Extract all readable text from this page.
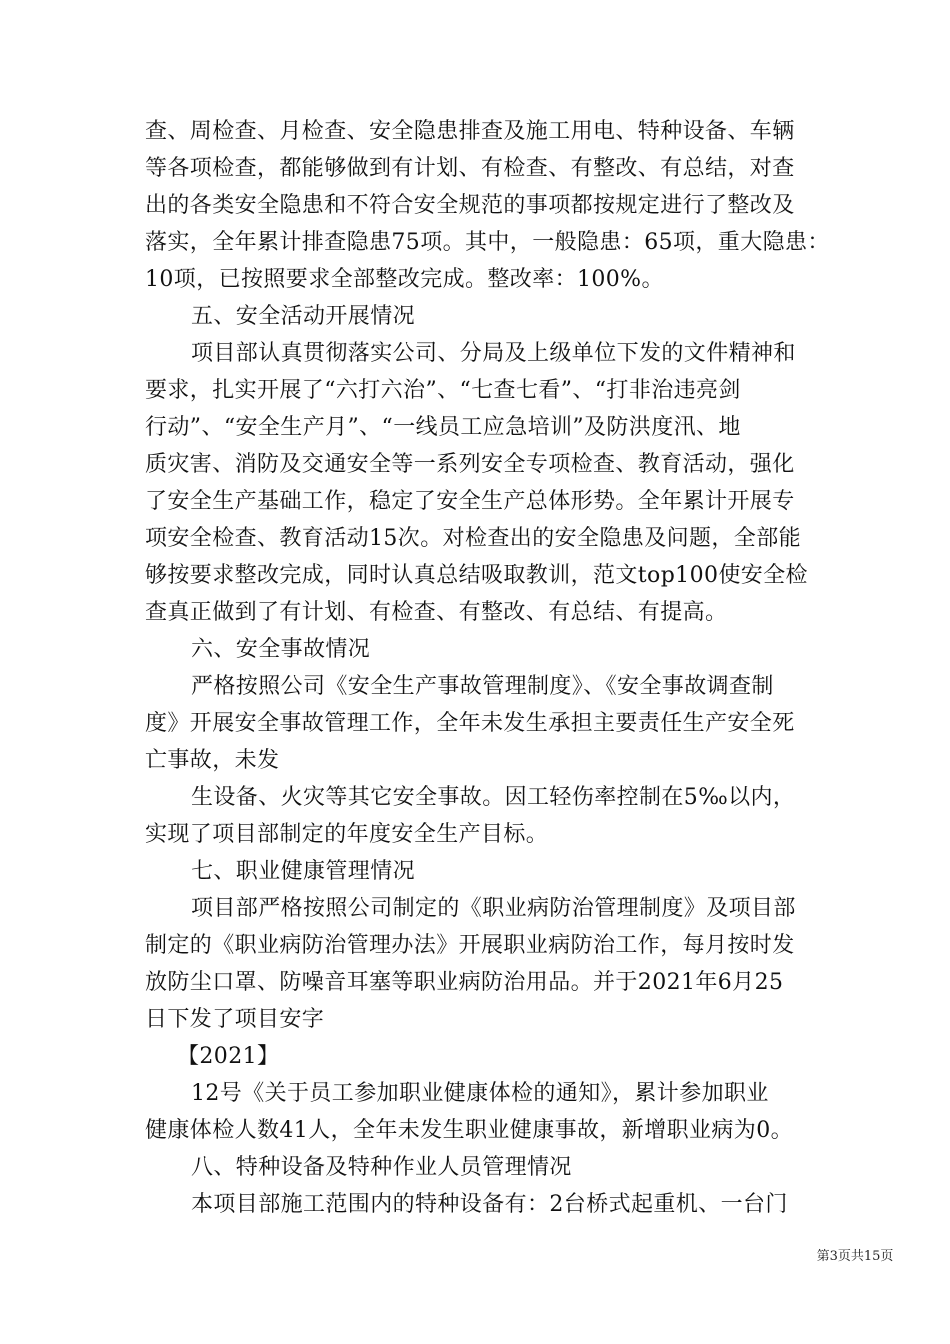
查、周检查、月检查、安全隐患排查及施工用电、特种设备、车辆
等各项检查，都能够做到有计划、有检查、有整改、有总结，对查
出的各类安全隐患和不符合安全规范的事项都按规定进行了整改及
落实，全年累计排查隐患75项。其中，一般隐患：65项，重大隐患：
10项，已按照要求全部整改完成。整改率：100%。
五、安全活动开展情况
项目部认真贯彻落实公司、分局及上级单位下发的文件精神和
要求，扎实开展了“六打六治”、“七查七看”、“打非治违亮剑
行动”、“安全生产月”、“一线员工应急培训”及防洪度汛、地
质灾害、消防及交通安全等一系列安全专项检查、教育活动，强化
了安全生产基础工作，稳定了安全生产总体形势。全年累计开展专
项安全检查、教育活动15次。对检查出的安全隐患及问题，全部能
够按要求整改完成，同时认真总结吸取教训，范文top100使安全检
查真正做到了有计划、有检查、有整改、有总结、有提高。
六、安全事故情况
严格按照公司《安全生产事故管理制度》、《安全事故调查制
度》开展安全事故管理工作，全年未发生承担主要责任生产安全死
亡事故，未发
生设备、火灾等其它安全事故。因工轻伤率控制在5‰以内，
实现了项目部制定的年度安全生产目标。
七、职业健康管理情况
项目部严格按照公司制定的《职业病防治管理制度》及项目部
制定的《职业病防治管理办法》开展职业病防治工作，每月按时发
放防尘口罩、防噪音耳塞等职业病防治用品。并于2021年6月25
日下发了项目安字
【2021】
12号《关于员工参加职业健康体检的通知》，累计参加职业
健康体检人数41人，全年未发生职业健康事故，新增职业病为0。
八、特种设备及特种作业人员管理情况
本项目部施工范围内的特种设备有：2台桥式起重机、一台门
第3页共15页
